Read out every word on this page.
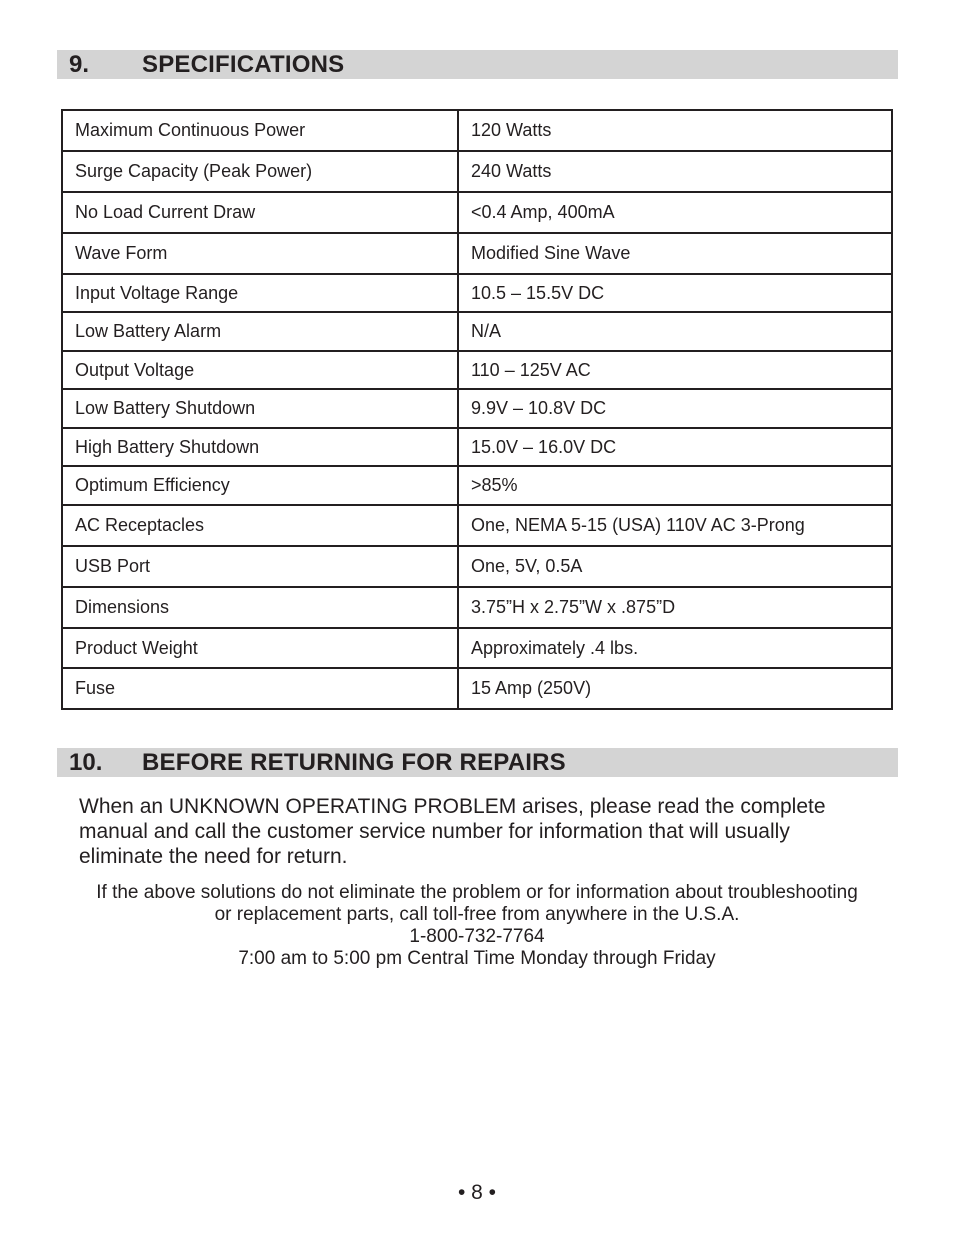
9. SPECIFICATIONS
Maximum Continuous Power	120 Watts
Surge Capacity (Peak Power)	240 Watts
No Load Current Draw	<0.4 Amp, 400mA
Wave Form	Modified Sine Wave
Input Voltage Range	10.5 – 15.5V DC
Low Battery Alarm	N/A
Output Voltage	110 – 125V AC
Low Battery Shutdown	9.9V – 10.8V DC
High Battery Shutdown	15.0V – 16.0V DC
Optimum Efficiency	>85%
AC Receptacles	One, NEMA 5-15 (USA) 110V AC 3-Prong
USB Port	One, 5V, 0.5A
Dimensions	3.75”H x 2.75”W x .875”D
Product Weight	Approximately .4 lbs.
Fuse	15 Amp (250V)
10. BEFORE RETURNING FOR REPAIRS
When an UNKNOWN OPERATING PROBLEM arises, please read the complete
manual and call the customer service number for information that will usually
eliminate the need for return.
If the above solutions do not eliminate the problem or for information about troubleshooting
or replacement parts, call toll-free from anywhere in the U.S.A.
1-800-732-7764
7:00 am to 5:00 pm Central Time Monday through Friday
• 8 •
